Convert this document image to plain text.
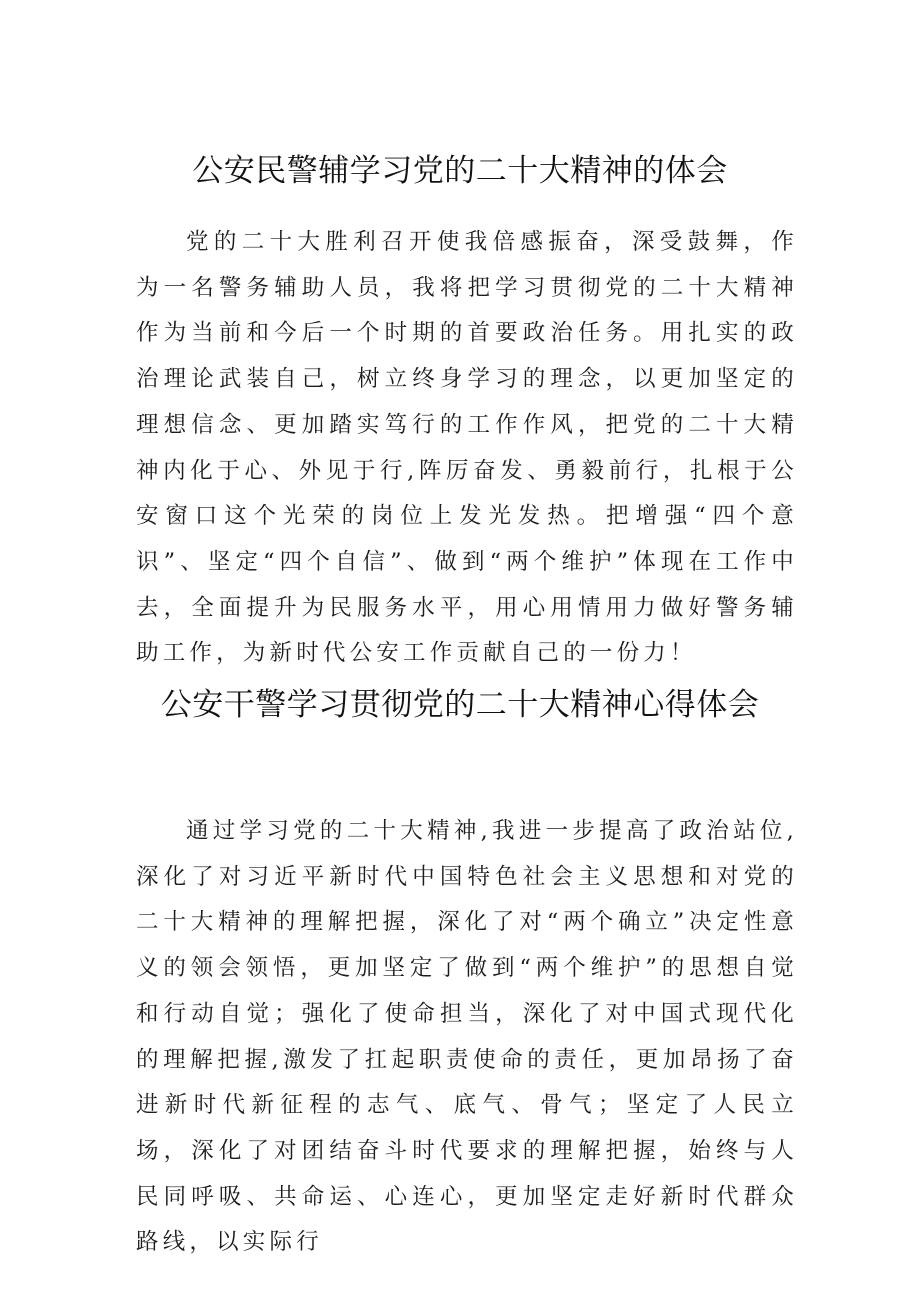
公安民警辅学习党的二十大精神的体会

党的二十大胜利召开使我倍感振奋，深受鼓舞，作为一名警务辅助人员，我将把学习贯彻党的二十大精神作为当前和今后一个时期的首要政治任务。用扎实的政治理论武装自己，树立终身学习的理念，以更加坚定的理想信念、更加踏实笃行的工作作风，把党的二十大精神内化于心、外见于行,阵厉奋发、勇毅前行，扎根于公安窗口这个光荣的岗位上发光发热。把增强“四个意识”、坚定“四个自信”、做到“两个维护”体现在工作中去，全面提升为民服务水平，用心用情用力做好警务辅助工作，为新时代公安工作贡献自己的一份力！

公安干警学习贯彻党的二十大精神心得体会

通过学习党的二十大精神,我进一步提高了政治站位,深化了对习近平新时代中国特色社会主义思想和对党的二十大精神的理解把握，深化了对“两个确立”决定性意义的领会领悟，更加坚定了做到“两个维护”的思想自觉和行动自觉；强化了使命担当，深化了对中国式现代化的理解把握,激发了扛起职责使命的责任，更加昂扬了奋进新时代新征程的志气、底气、骨气；坚定了人民立场，深化了对团结奋斗时代要求的理解把握，始终与人民同呼吸、共命运、心连心，更加坚定走好新时代群众路线，以实际行
